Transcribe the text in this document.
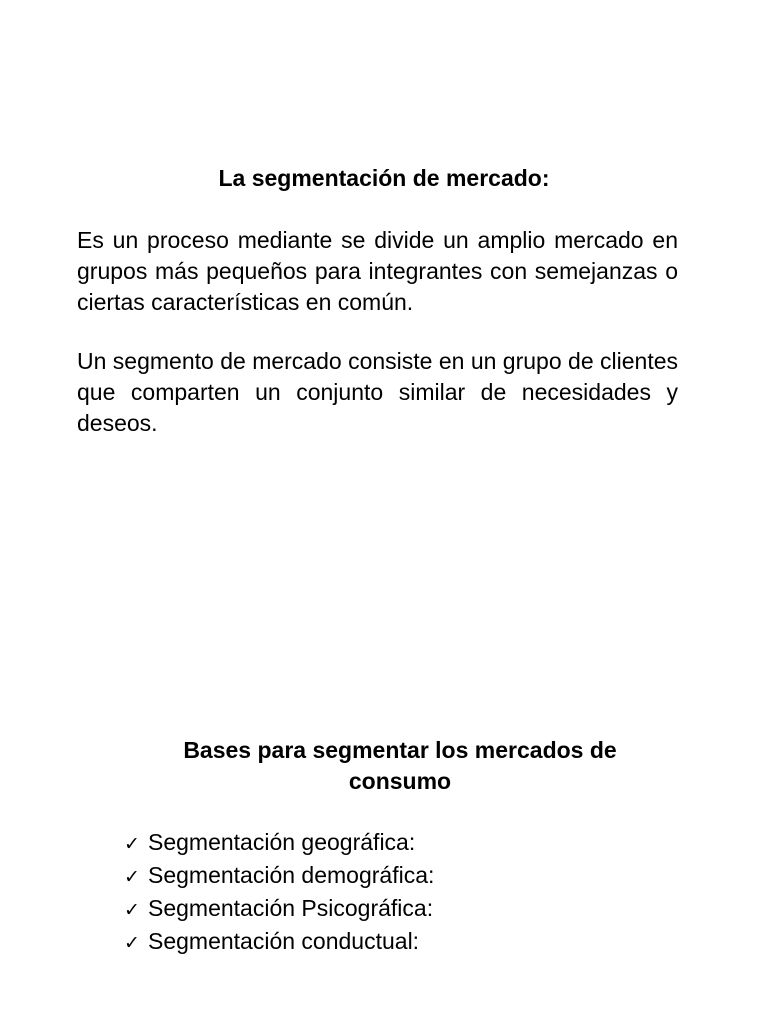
La segmentación de mercado:

Es un proceso mediante se divide un amplio mercado en grupos más pequeños para integrantes con semejanzas o ciertas características en común.

Un segmento de mercado consiste en un grupo de clientes que comparten un conjunto similar de necesidades y deseos.

Bases para segmentar los mercados de consumo
✓ Segmentación geográfica:
✓ Segmentación demográfica:
✓ Segmentación Psicográfica:
✓ Segmentación conductual:
